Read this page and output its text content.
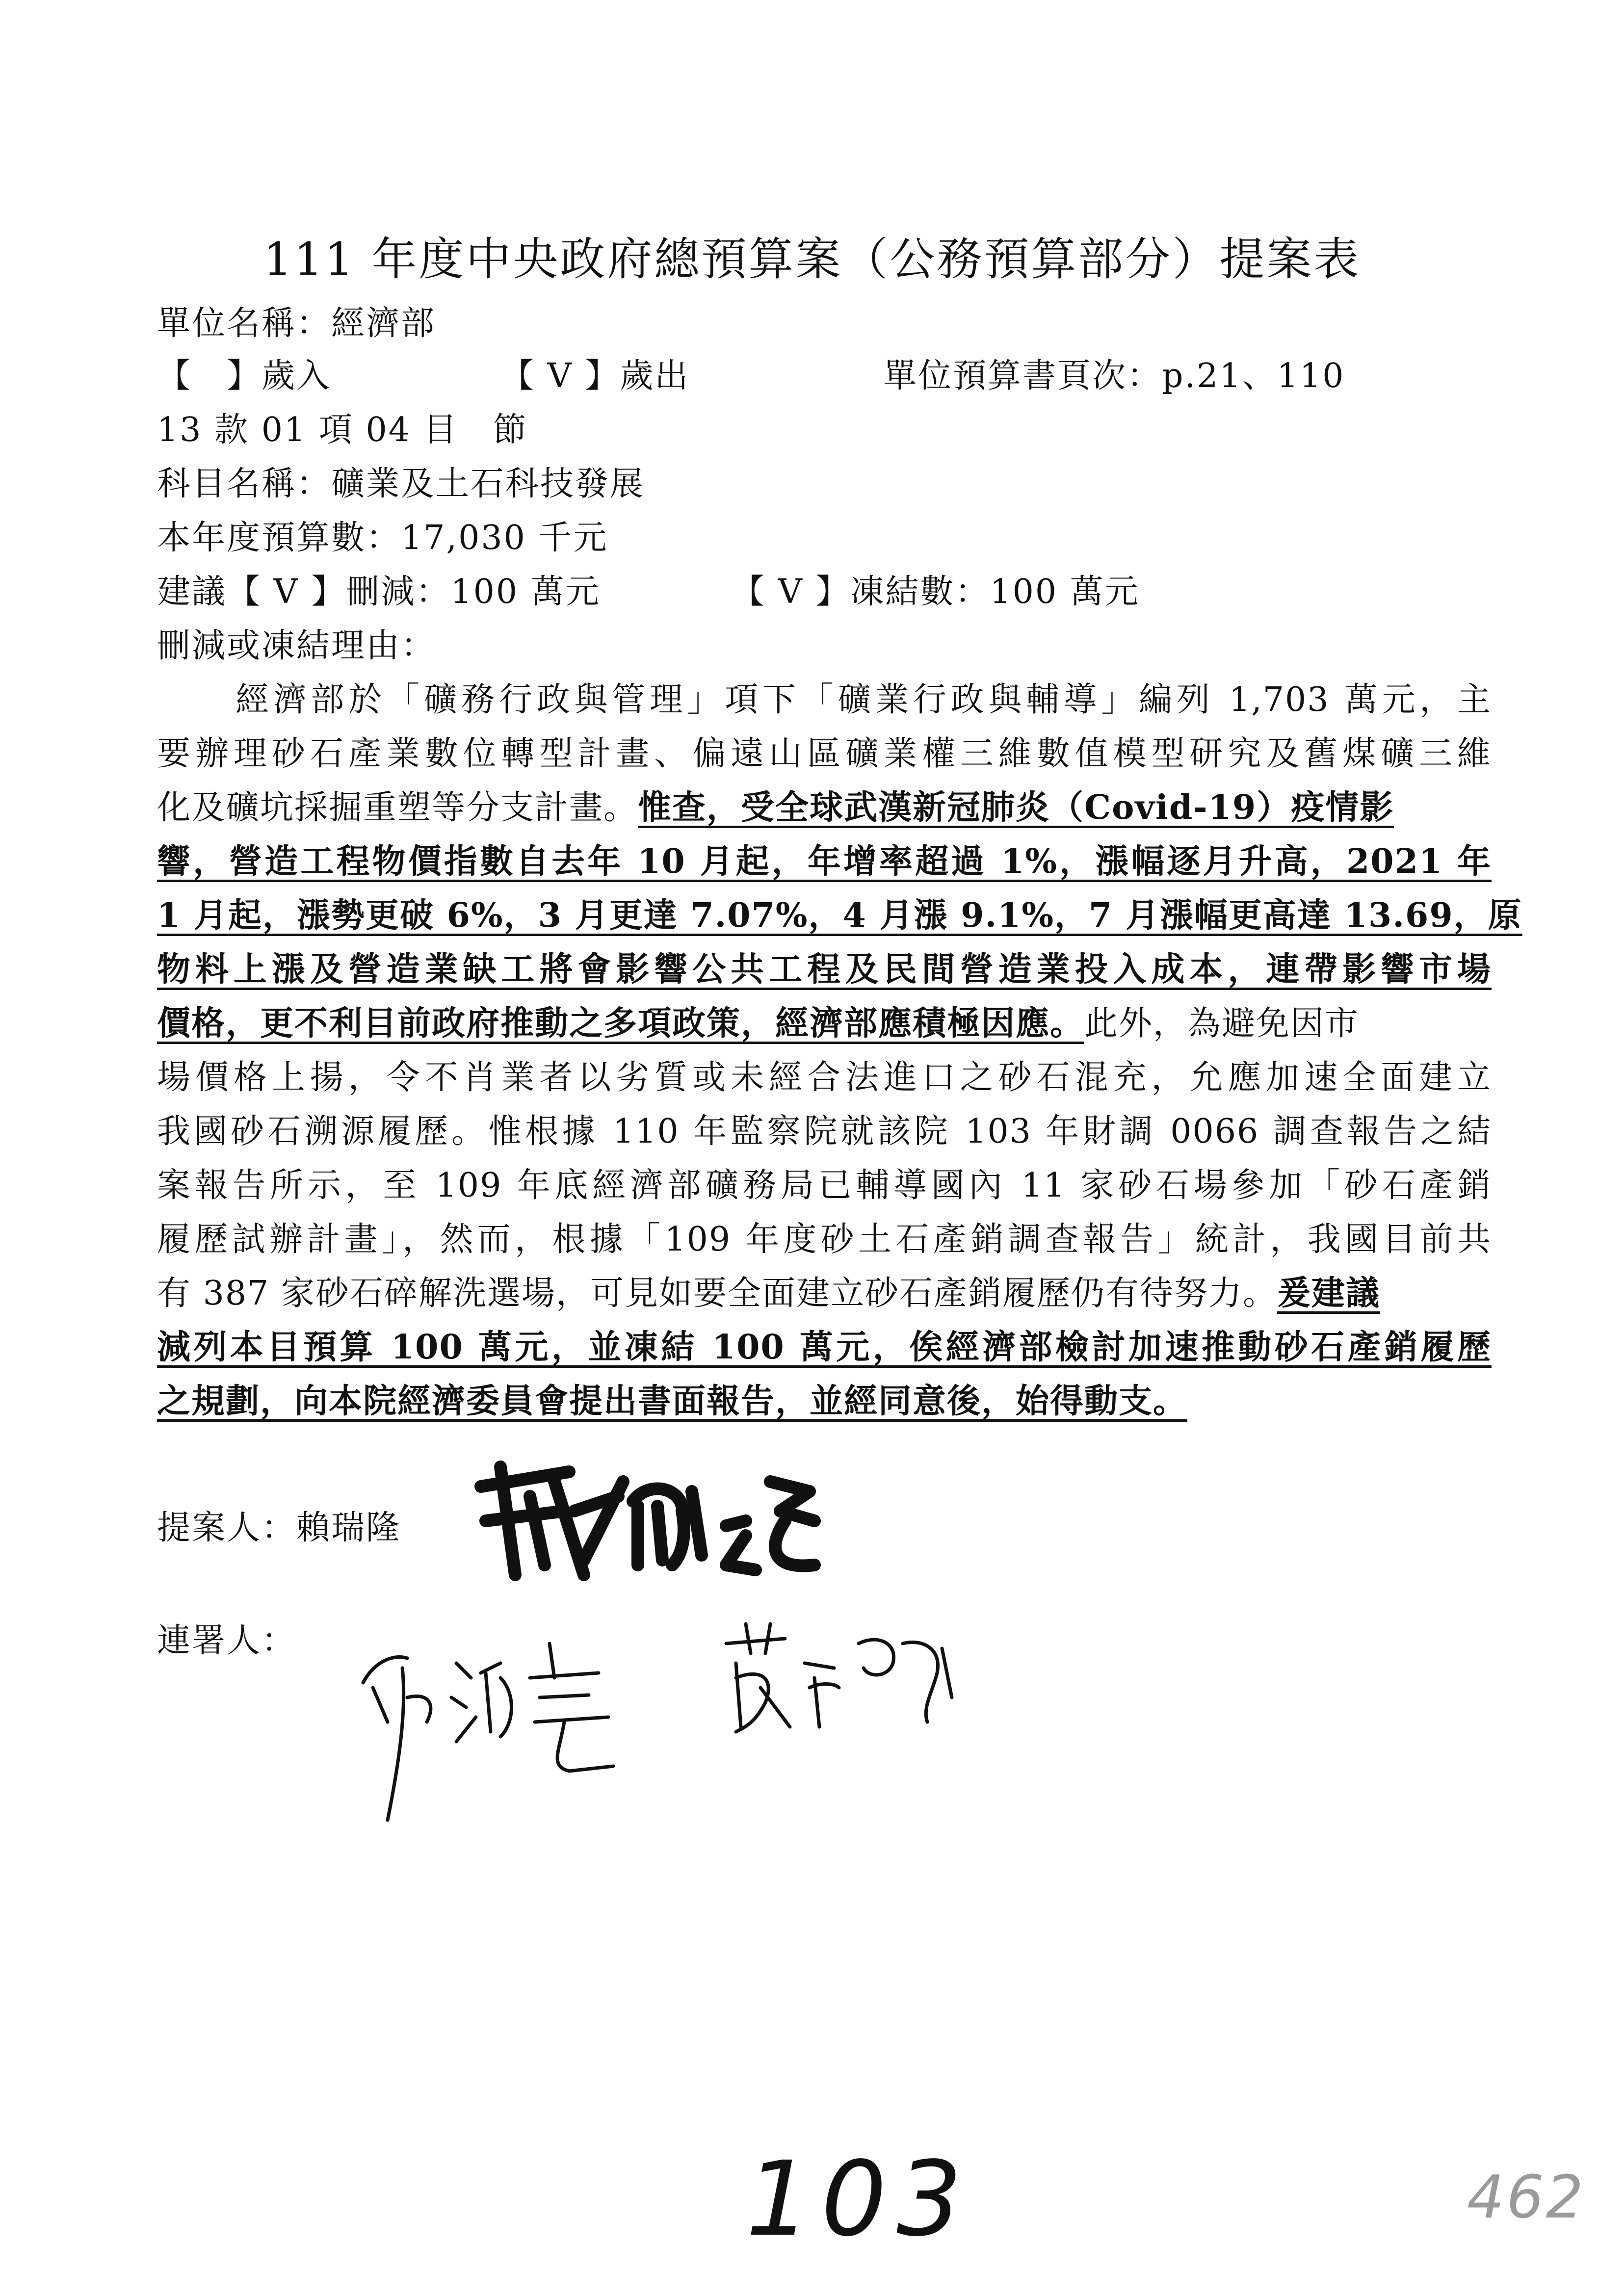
111 年度中央政府總預算案（公務預算部分）提案表
單位名稱：經濟部
【　】歲入	【 V 】歲出	單位預算書頁次：p.21、110
13 款 01 項 04 目　節
科目名稱：礦業及土石科技發展
本年度預算數：17,030 千元
建議【 V 】刪減：100 萬元	【 V 】凍結數：100 萬元
刪減或凍結理由：
經濟部於「礦務行政與管理」項下「礦業行政與輔導」編列 1,703 萬元，主
要辦理砂石產業數位轉型計畫、偏遠山區礦業權三維數值模型研究及舊煤礦三維
化及礦坑採掘重塑等分支計畫。惟查，受全球武漢新冠肺炎（Covid-19）疫情影
響，營造工程物價指數自去年 10 月起，年增率超過 1%，漲幅逐月升高，2021 年
1 月起，漲勢更破 6%，3 月更達 7.07%，4 月漲 9.1%，7 月漲幅更高達 13.69，原
物料上漲及營造業缺工將會影響公共工程及民間營造業投入成本，連帶影響市場
價格，更不利目前政府推動之多項政策，經濟部應積極因應。此外，為避免因市
場價格上揚，令不肖業者以劣質或未經合法進口之砂石混充，允應加速全面建立
我國砂石溯源履歷。惟根據 110 年監察院就該院 103 年財調 0066 調查報告之結
案報告所示，至 109 年底經濟部礦務局已輔導國內 11 家砂石場參加「砂石產銷
履歷試辦計畫」，然而，根據「109 年度砂土石產銷調查報告」統計，我國目前共
有 387 家砂石碎解洗選場，可見如要全面建立砂石產銷履歷仍有待努力。爰建議
減列本目預算 100 萬元，並凍結 100 萬元，俟經濟部檢討加速推動砂石產銷履歷
之規劃，向本院經濟委員會提出書面報告，並經同意後，始得動支。
提案人：賴瑞隆
連署人：
103	462
